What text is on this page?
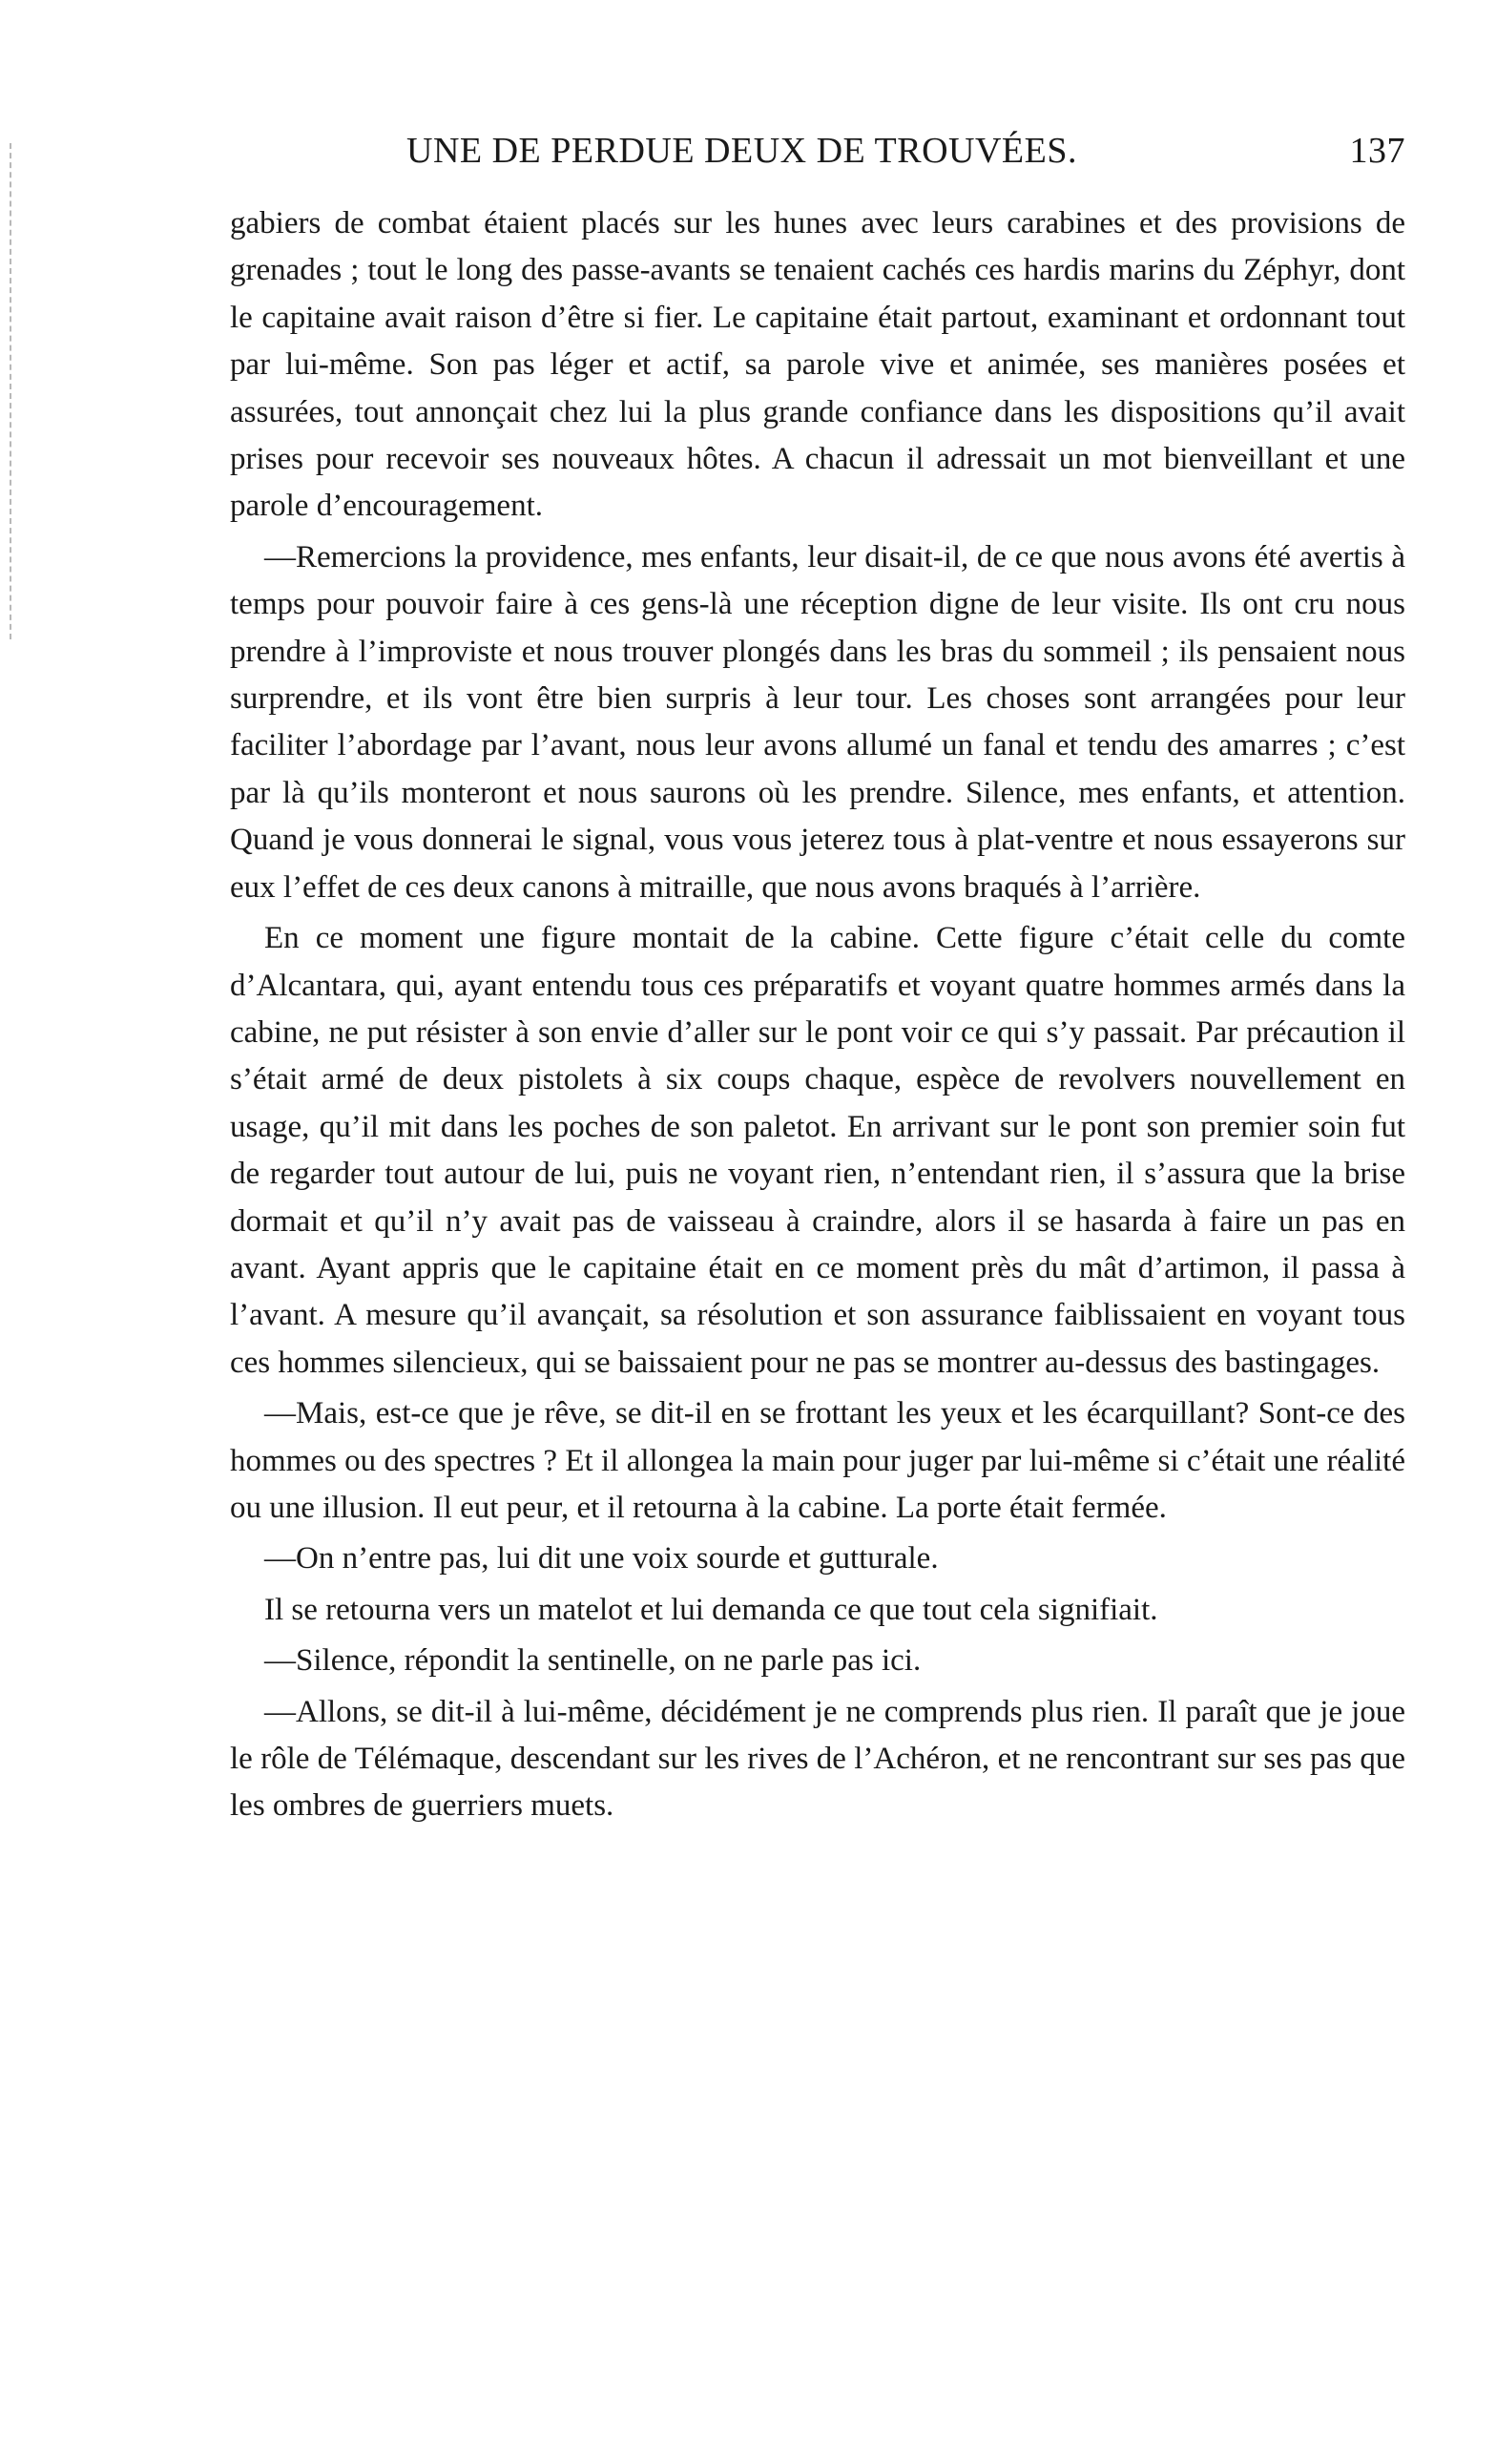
UNE DE PERDUE DEUX DE TROUVÉES.	137

gabiers de combat étaient placés sur les hunes avec leurs carabines et des provisions de grenades ; tout le long des passe-avants se tenaient cachés ces hardis marins du Zéphyr, dont le capitaine avait raison d’être si fier. Le capitaine était partout, examinant et ordonnant tout par lui-même. Son pas léger et actif, sa parole vive et animée, ses manières posées et assurées, tout annonçait chez lui la plus grande confiance dans les dispositions qu’il avait prises pour recevoir ses nouveaux hôtes. A chacun il adressait un mot bienveillant et une parole d’encouragement.

—Remercions la providence, mes enfants, leur disait-il, de ce que nous avons été avertis à temps pour pouvoir faire à ces gens-là une réception digne de leur visite. Ils ont cru nous prendre à l’improviste et nous trouver plongés dans les bras du sommeil ; ils pensaient nous surprendre, et ils vont être bien surpris à leur tour. Les choses sont arrangées pour leur faciliter l’abordage par l’avant, nous leur avons allumé un fanal et tendu des amarres ; c’est par là qu’ils monteront et nous saurons où les prendre. Silence, mes enfants, et attention. Quand je vous donnerai le signal, vous vous jeterez tous à plat-ventre et nous essayerons sur eux l’effet de ces deux canons à mitraille, que nous avons braqués à l’arrière.

En ce moment une figure montait de la cabine. Cette figure c’était celle du comte d’Alcantara, qui, ayant entendu tous ces préparatifs et voyant quatre hommes armés dans la cabine, ne put résister à son envie d’aller sur le pont voir ce qui s’y passait. Par précaution il s’était armé de deux pistolets à six coups chaque, espèce de revolvers nouvellement en usage, qu’il mit dans les poches de son paletot. En arrivant sur le pont son premier soin fut de regarder tout autour de lui, puis ne voyant rien, n’entendant rien, il s’assura que la brise dormait et qu’il n’y avait pas de vaisseau à craindre, alors il se hasarda à faire un pas en avant. Ayant appris que le capitaine était en ce moment près du mât d’artimon, il passa à l’avant. A mesure qu’il avançait, sa résolution et son assurance faiblissaient en voyant tous ces hommes silencieux, qui se baissaient pour ne pas se montrer au-dessus des bastingages.

—Mais, est-ce que je rêve, se dit-il en se frottant les yeux et les écarquillant? Sont-ce des hommes ou des spectres ? Et il allongea la main pour juger par lui-même si c’était une réalité ou une illusion. Il eut peur, et il retourna à la cabine. La porte était fermée.

—On n’entre pas, lui dit une voix sourde et gutturale.

Il se retourna vers un matelot et lui demanda ce que tout cela signifiait.

—Silence, répondit la sentinelle, on ne parle pas ici.

—Allons, se dit-il à lui-même, décidément je ne comprends plus rien. Il paraît que je joue le rôle de Télémaque, descendant sur les rives de l’Achéron, et ne rencontrant sur ses pas que les ombres de guerriers muets.
